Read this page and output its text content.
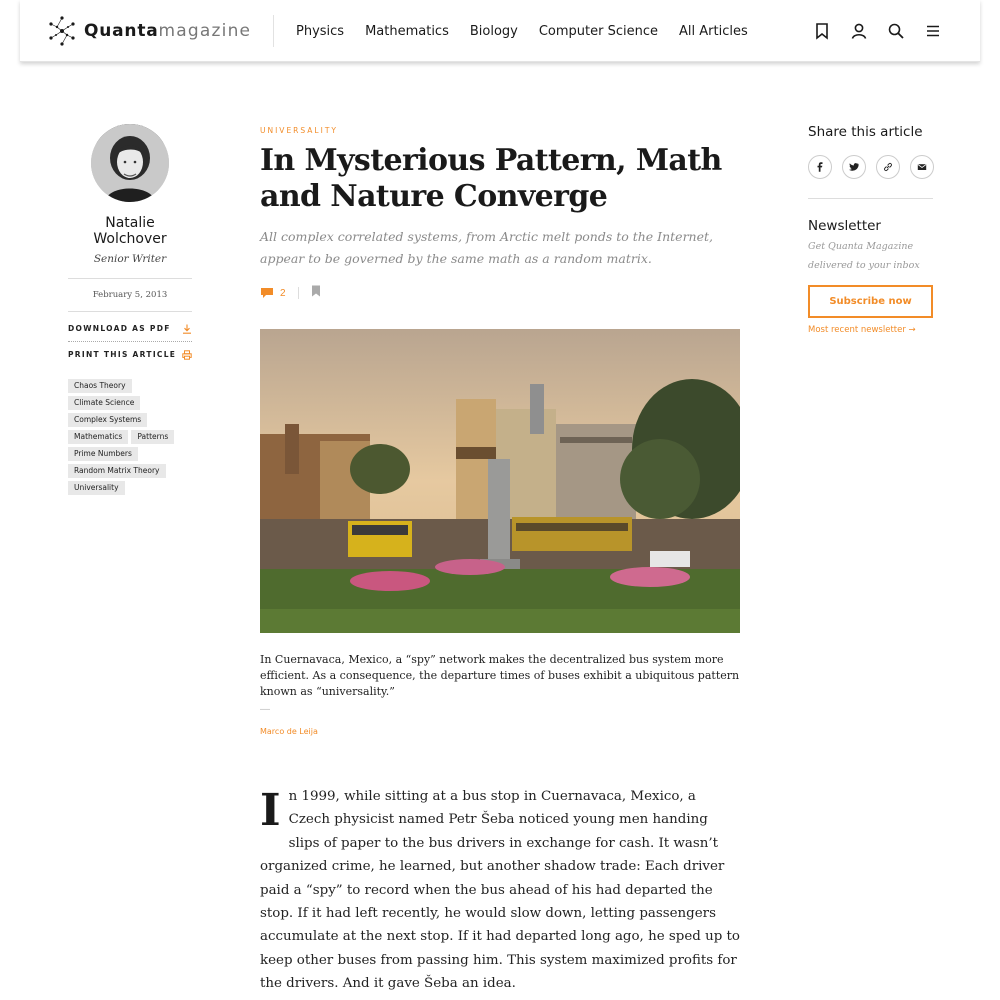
Quanta magazine	Physics Mathematics Biology Computer Science All Articles
Natalie Wolchover
Senior Writer
February 5, 2013
DOWNLOAD AS PDF
PRINT THIS ARTICLE
Chaos Theory
Climate Science
Complex Systems
Mathematics	Patterns
Prime Numbers
Random Matrix Theory
Universality
UNIVERSALITY
In Mysterious Pattern, Math and Nature Converge

All complex correlated systems, from Arctic melt ponds to the Internet, appear to be governed by the same math as a random matrix.

2

In Cuernavaca, Mexico, a “spy” network makes the decentralized bus system more efficient. As a consequence, the departure times of buses exhibit a ubiquitous pattern known as “universality.”

—
Marco de Leija
In 1999, while sitting at a bus stop in Cuernavaca, Mexico, a Czech physicist named Petr Šeba noticed young men handing slips of paper to the bus drivers in exchange for cash. It wasn’t organized crime, he learned, but another shadow trade: Each driver paid a “spy” to record when the bus ahead of his had departed the stop. If it had left recently, he would slow down, letting passengers accumulate at the next stop. If it had departed long ago, he sped up to keep other buses from passing him. This system maximized profits for the drivers. And it gave Šeba an idea.
Share this article
Newsletter
Get Quanta Magazine delivered to your inbox
Subscribe now
Most recent newsletter →
